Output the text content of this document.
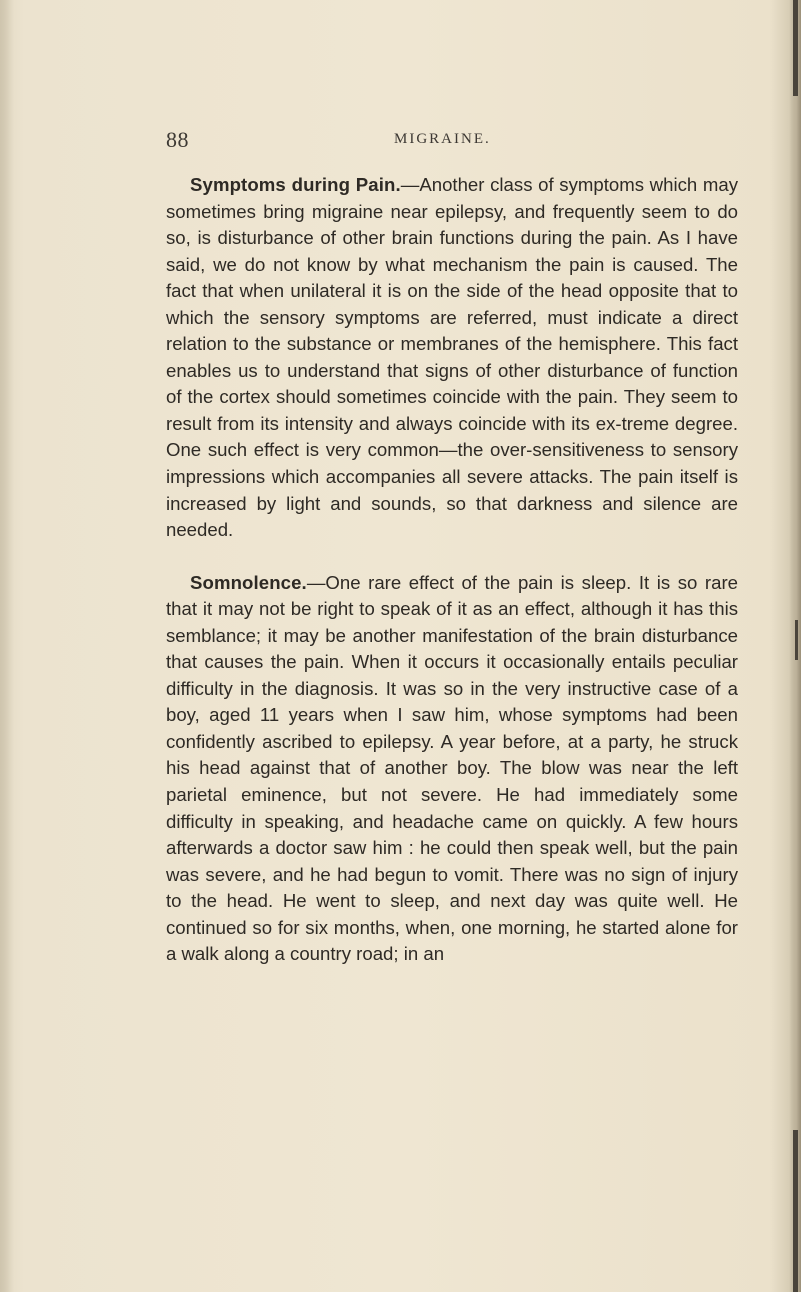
88	MIGRAINE.

Symptoms during Pain.—Another class of symptoms which may sometimes bring migraine near epilepsy, and frequently seem to do so, is disturbance of other brain functions during the pain. As I have said, we do not know by what mechanism the pain is caused. The fact that when unilateral it is on the side of the head opposite that to which the sensory symptoms are referred, must indicate a direct relation to the substance or membranes of the hemisphere. This fact enables us to understand that signs of other disturbance of function of the cortex should sometimes coincide with the pain. They seem to result from its intensity and always coincide with its ex-treme degree. One such effect is very common—the over-sensitiveness to sensory impressions which accompanies all severe attacks. The pain itself is increased by light and sounds, so that darkness and silence are needed.

Somnolence.—One rare effect of the pain is sleep. It is so rare that it may not be right to speak of it as an effect, although it has this semblance; it may be another manifestation of the brain disturbance that causes the pain. When it occurs it occasionally entails peculiar difficulty in the diagnosis. It was so in the very instructive case of a boy, aged 11 years when I saw him, whose symptoms had been confidently ascribed to epilepsy. A year before, at a party, he struck his head against that of another boy. The blow was near the left parietal eminence, but not severe. He had immediately some difficulty in speaking, and headache came on quickly. A few hours afterwards a doctor saw him : he could then speak well, but the pain was severe, and he had begun to vomit. There was no sign of injury to the head. He went to sleep, and next day was quite well. He continued so for six months, when, one morning, he started alone for a walk along a country road; in an
